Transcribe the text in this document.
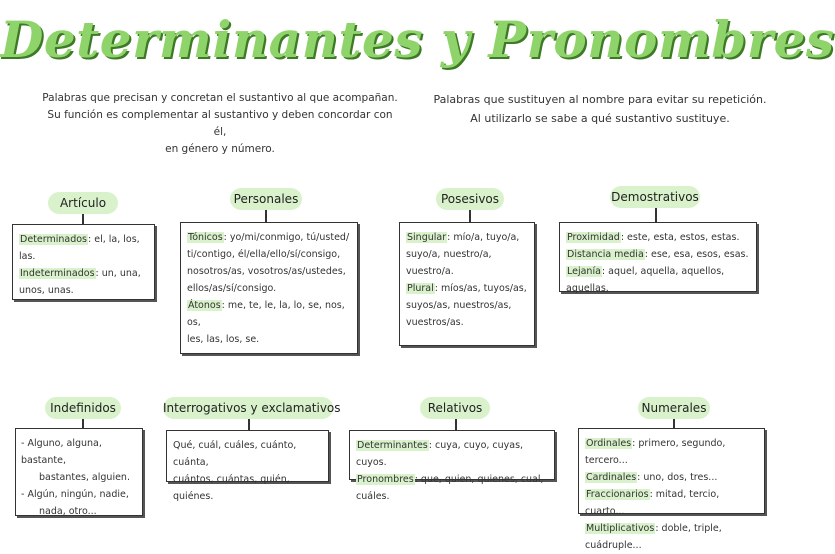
Determinantes y Pronombres
Palabras que precisan y concretan el sustantivo al que acompañan.
Su función es complementar al sustantivo y deben concordar con él,
en género y número.
Palabras que sustituyen al nombre para evitar su repetición.
Al utilizarlo se sabe a qué sustantivo sustituye.
Artículo
Determinados: el, la, los, las.
Indeterminados: un, una,
unos, unas.
Personales
Tónicos: yo/mi/conmigo, tú/usted/
ti/contigo, él/ella/ello/sí/consigo,
nosotros/as, vosotros/as/ustedes,
ellos/as/sí/consigo.
Átonos: me, te, le, la, lo, se, nos, os,
les, las, los, se.
Posesivos
Singular: mío/a, tuyo/a,
suyo/a, nuestro/a,
vuestro/a.
Plural: míos/as, tuyos/as,
suyos/as, nuestros/as,
vuestros/as.
Demostrativos
Proximidad: este, esta, estos, estas.
Distancia media: ese, esa, esos, esas.
Lejanía: aquel, aquella, aquellos, aquellas.
Indefinidos
- Alguno, alguna, bastante,
bastantes, alguien.
- Algún, ningún, nadie,
nada, otro...
Interrogativos y exclamativos
Qué, cuál, cuáles, cuánto, cuánta,
cuántos, cuántas, quién, quiénes.
Relativos
Determinantes: cuya, cuyo, cuyas, cuyos.
Pronombres: que, quien, quienes, cual, cuáles.
Numerales
Ordinales: primero, segundo, tercero...
Cardinales: uno, dos, tres...
Fraccionarios: mitad, tercio, cuarto...
Multiplicativos: doble, triple, cuádruple...
